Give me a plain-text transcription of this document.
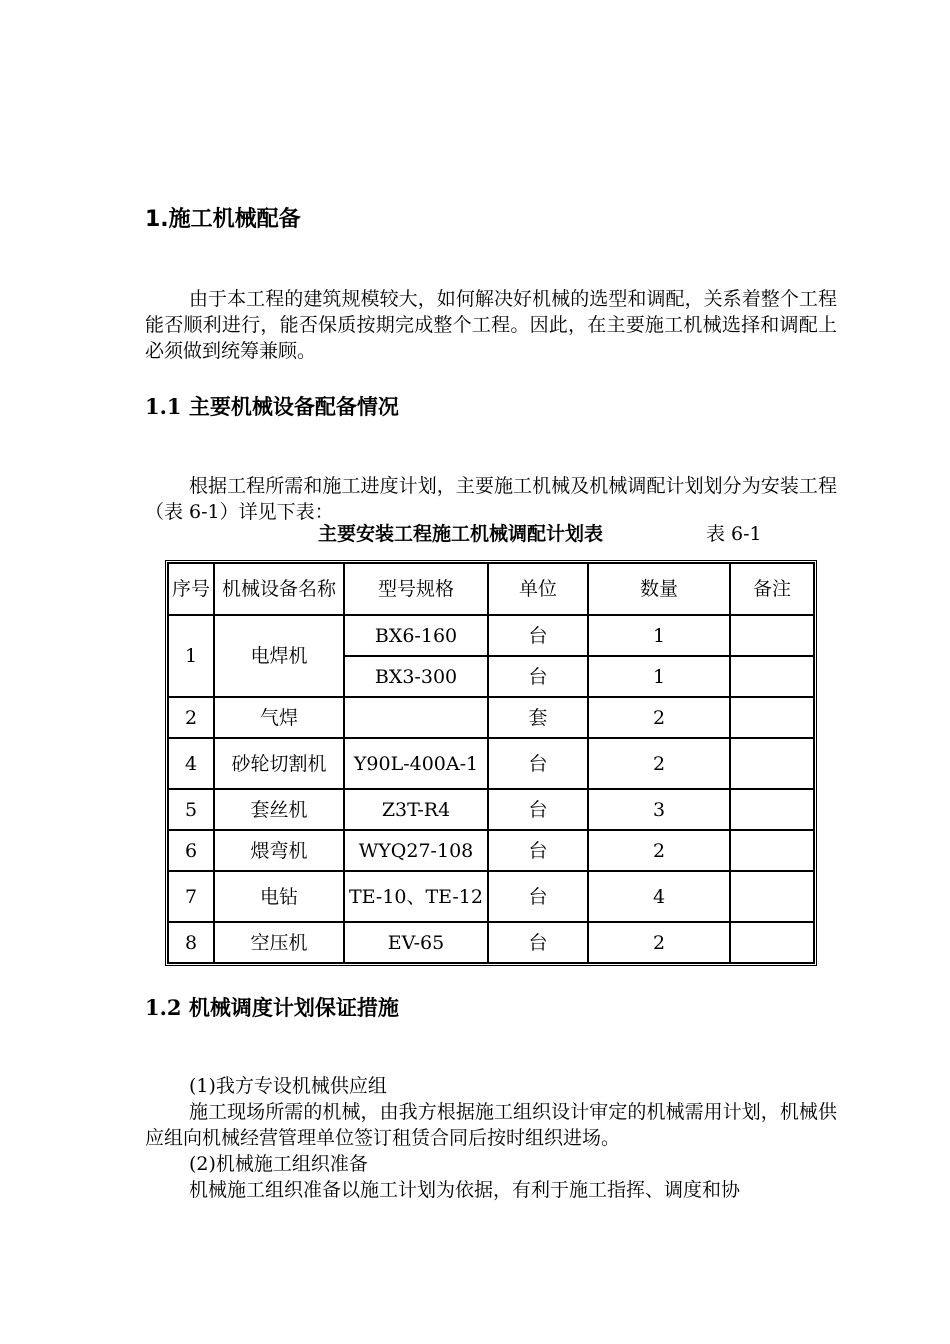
1.施工机械配备

由于本工程的建筑规模较大，如何解决好机械的选型和调配，关系着整个工程能否顺利进行，能否保质按期完成整个工程。因此，在主要施工机械选择和调配上必须做到统筹兼顾。

1.1 主要机械设备配备情况

根据工程所需和施工进度计划，主要施工机械及机械调配计划划分为安装工程（表 6-1）详见下表：

主要安装工程施工机械调配计划表	表 6-1
序号	机械设备名称	型号规格	单位	数量	备注
1	电焊机	BX6-160	台	1	
		BX3-300	台	1	
2	气焊		套	2	
4	砂轮切割机	Y90L-400A-1	台	2	
5	套丝机	Z3T-R4	台	3	
6	煨弯机	WYQ27-108	台	2	
7	电钻	TE-10、TE-12	台	4	
8	空压机	EV-65	台	2	
1.2 机械调度计划保证措施

(1)我方专设机械供应组

施工现场所需的机械，由我方根据施工组织设计审定的机械需用计划，机械供应组向机械经营管理单位签订租赁合同后按时组织进场。

(2)机械施工组织准备

机械施工组织准备以施工计划为依据，有利于施工指挥、调度和协
